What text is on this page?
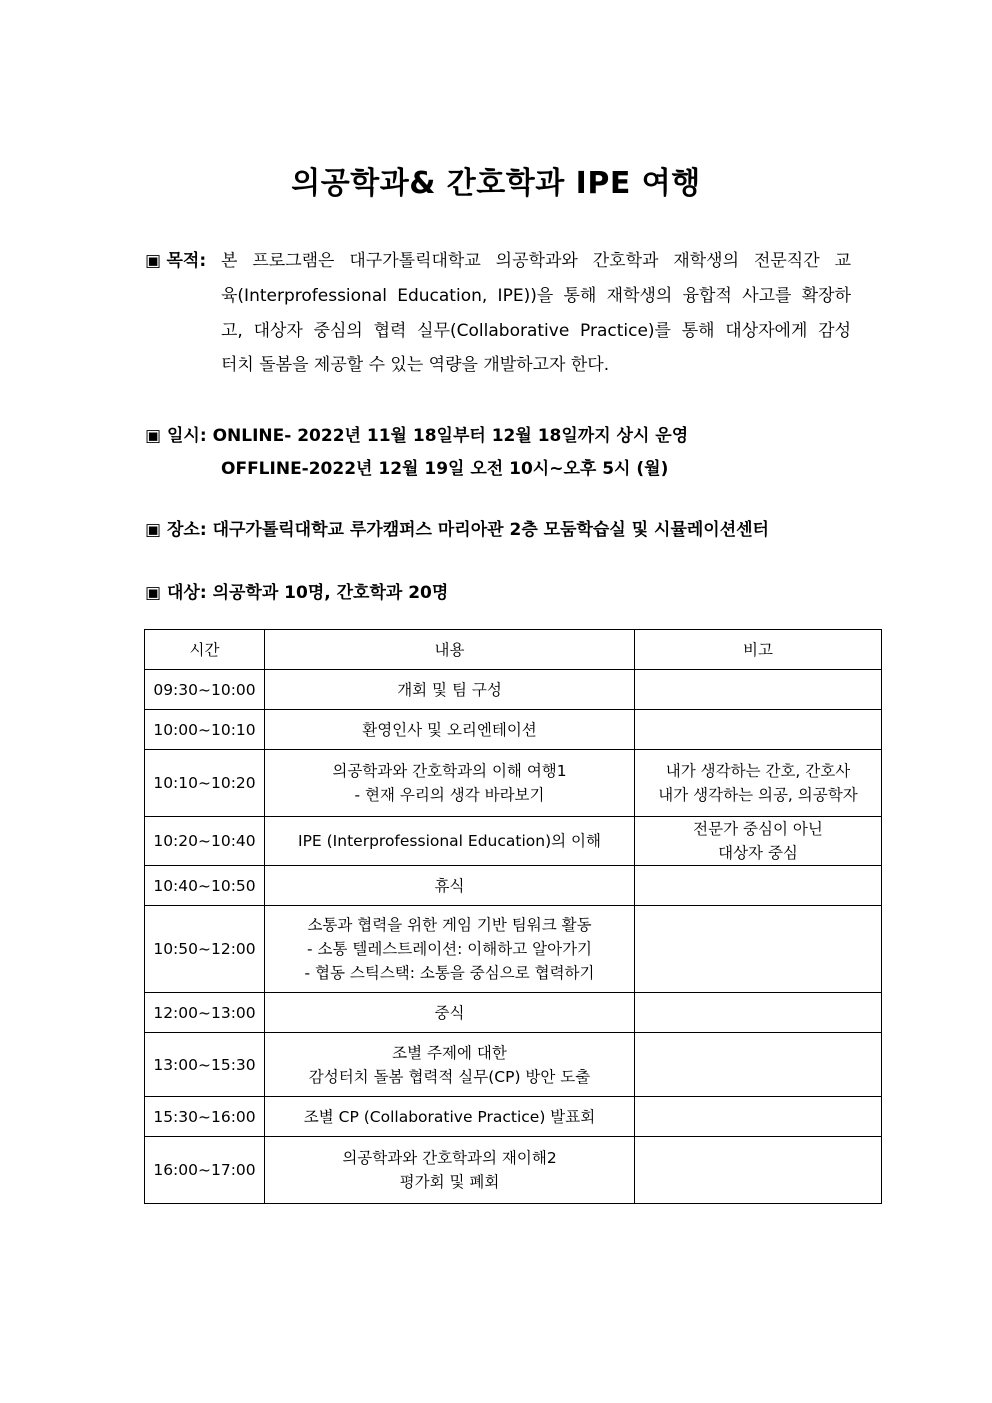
의공학과& 간호학과 IPE 여행
▣ 목적: 본 프로그램은 대구가톨릭대학교 의공학과와 간호학과 재학생의 전문직간 교
육(Interprofessional Education, IPE))을 통해 재학생의 융합적 사고를 확장하
고, 대상자 중심의 협력 실무(Collaborative Practice)를 통해 대상자에게 감성
터치 돌봄을 제공할 수 있는 역량을 개발하고자 한다.
▣ 일시: ONLINE- 2022년 11월 18일부터 12월 18일까지 상시 운영
OFFLINE-2022년 12월 19일 오전 10시~오후 5시 (월)
▣ 장소: 대구가톨릭대학교 루가캠퍼스 마리아관 2층 모둠학습실 및 시뮬레이션센터
▣ 대상: 의공학과 10명, 간호학과 20명
시간	내용	비고
09:30~10:00	개회 및 팀 구성	

10:00~10:10	환영인사 및 오리엔테이션	

10:10~10:20	의공학과와 간호학과의 이해 여행1
- 현재 우리의 생각 바라보기	내가 생각하는 간호, 간호사
내가 생각하는 의공, 의공학자

10:20~10:40	IPE (Interprofessional Education)의 이해	전문가 중심이 아닌
대상자 중심

10:40~10:50	휴식	

10:50~12:00	소통과 협력을 위한 게임 기반 팀워크 활동
- 소통 텔레스트레이션: 이해하고 알아가기
- 협동 스틱스택: 소통을 중심으로 협력하기	

12:00~13:00	중식	

13:00~15:30	조별 주제에 대한
감성터치 돌봄 협력적 실무(CP) 방안 도출	

15:30~16:00	조별 CP (Collaborative Practice) 발표회	

16:00~17:00	의공학과와 간호학과의 재이해2
평가회 및 폐회	
